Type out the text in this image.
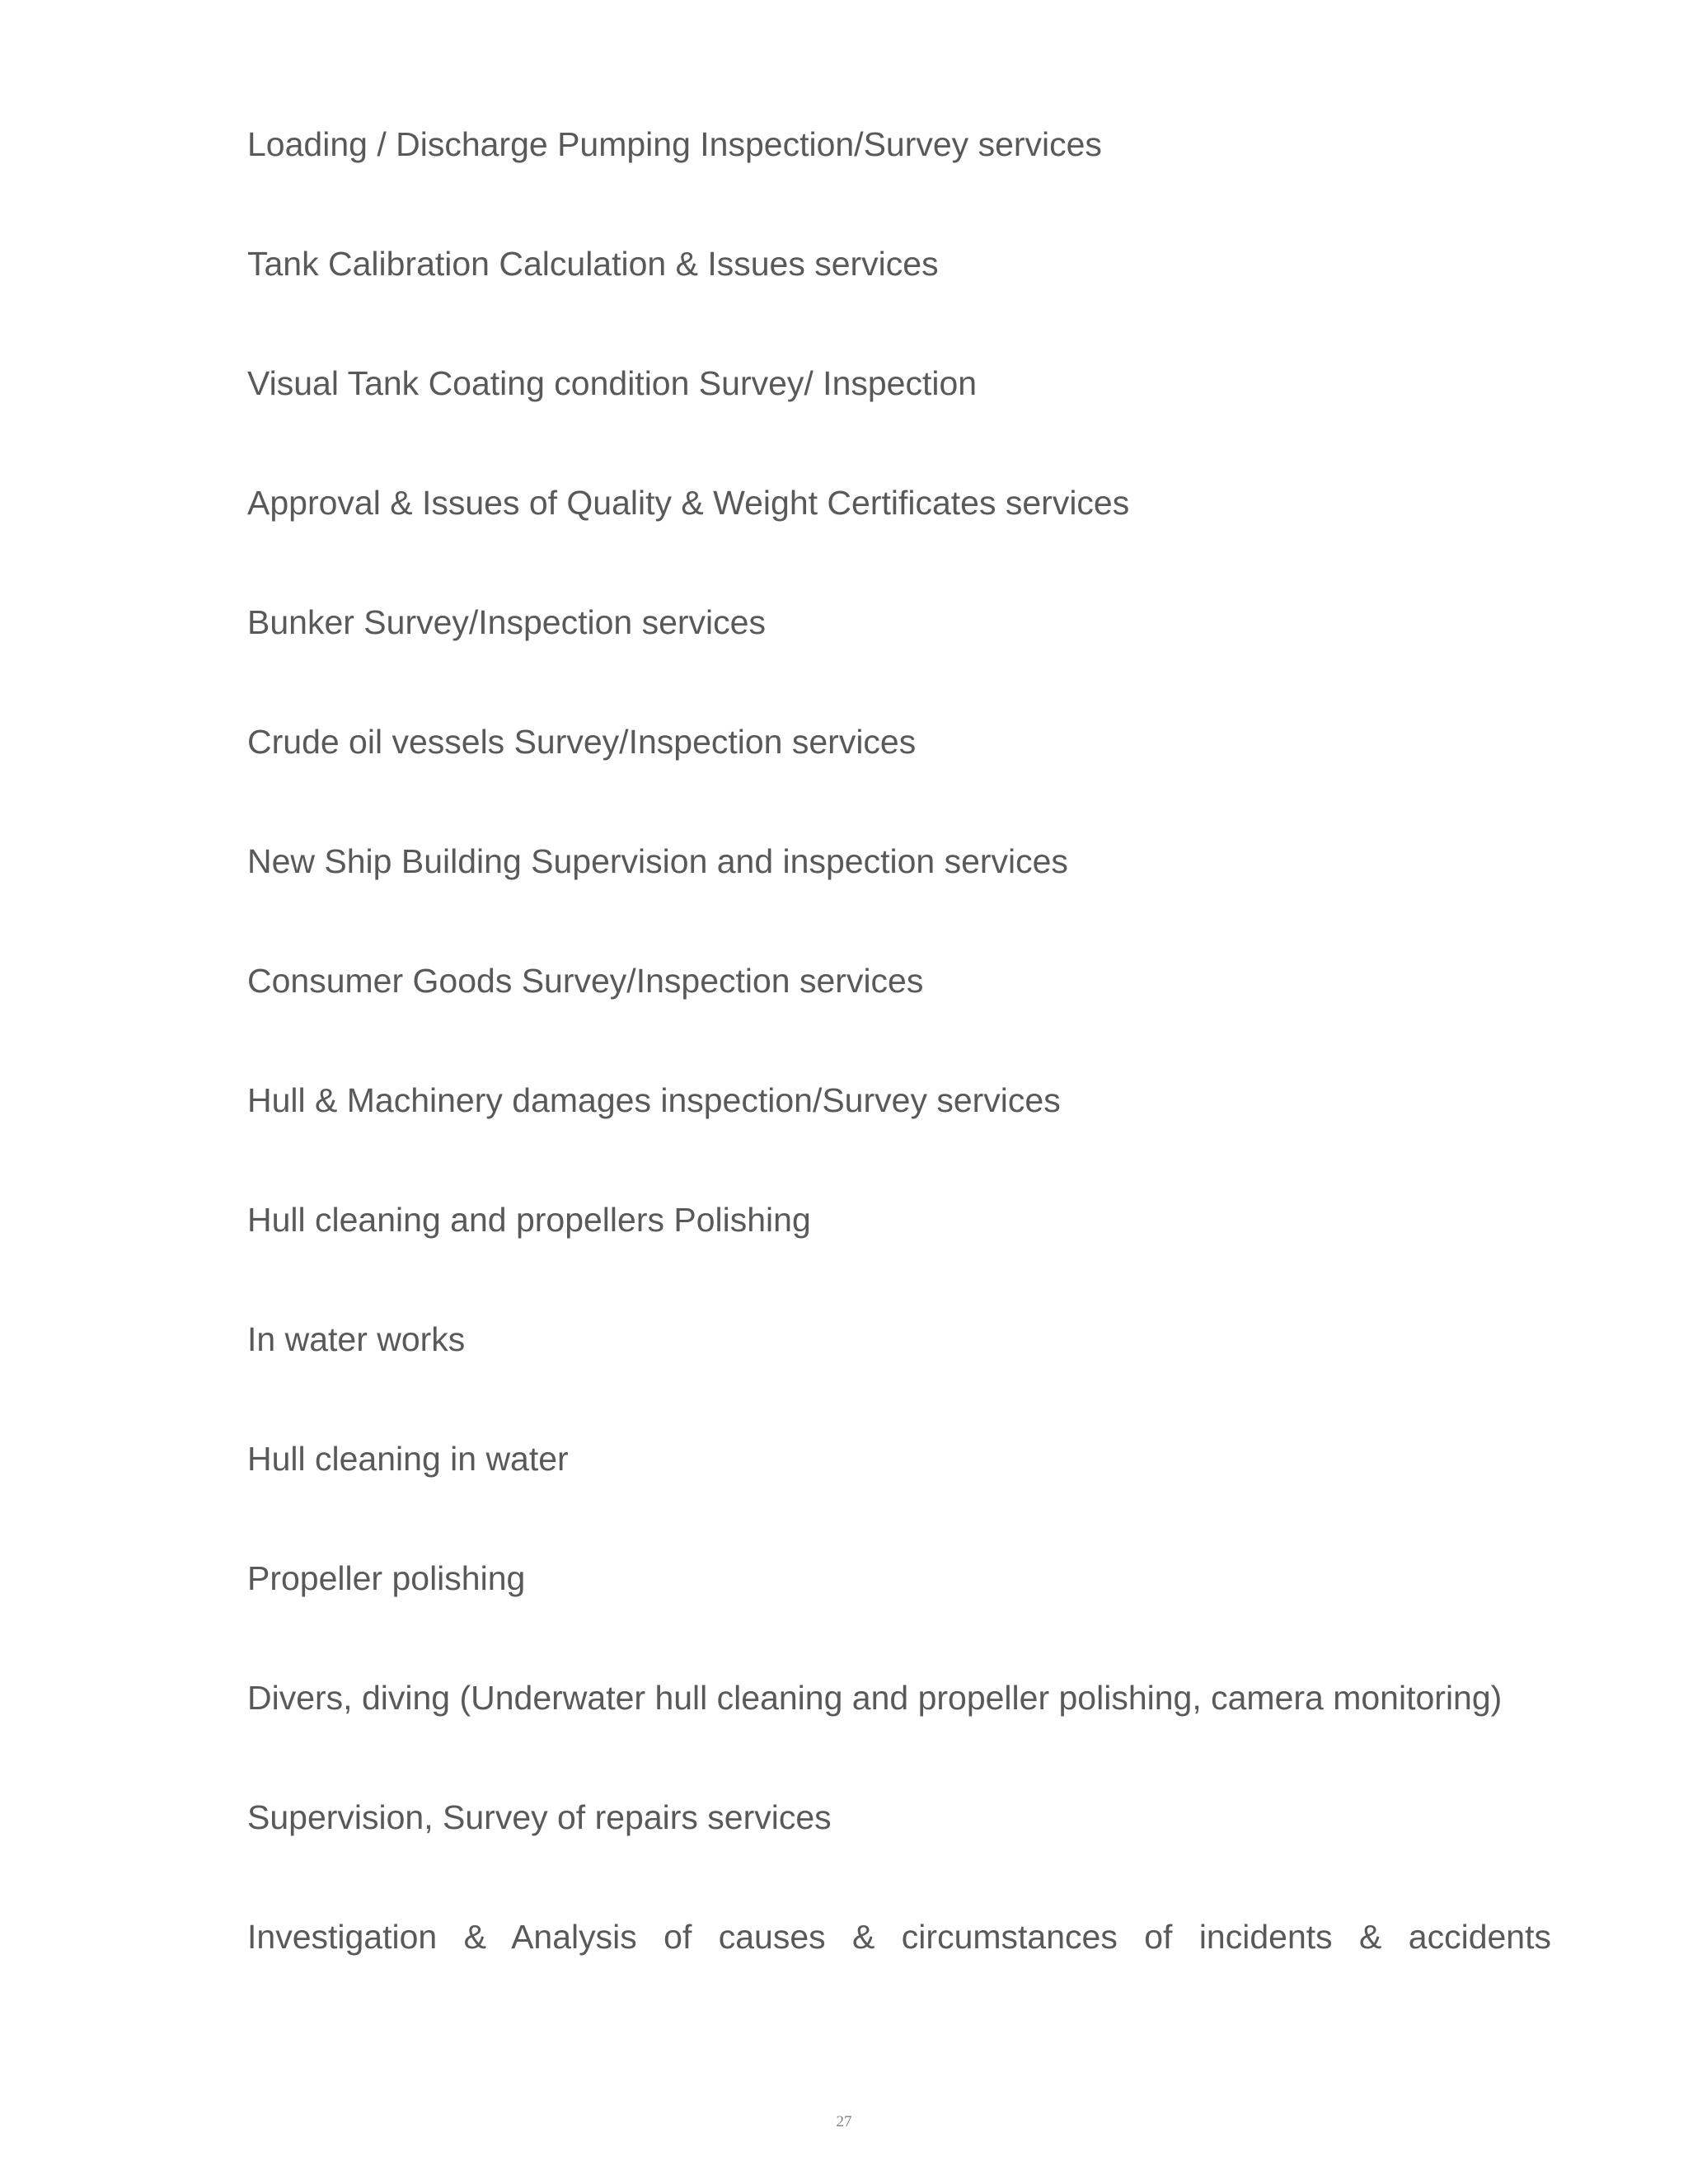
Loading / Discharge Pumping Inspection/Survey services
Tank Calibration Calculation & Issues services
Visual Tank Coating condition Survey/ Inspection
Approval & Issues of Quality & Weight Certificates services
Bunker Survey/Inspection services
Crude oil vessels Survey/Inspection services
New Ship Building Supervision and inspection services
Consumer Goods Survey/Inspection services
Hull & Machinery damages inspection/Survey services
Hull cleaning and propellers Polishing
In water works
Hull cleaning in water
Propeller polishing
Divers, diving (Underwater hull cleaning and propeller polishing, camera monitoring)
Supervision, Survey of repairs services
Investigation & Analysis of causes & circumstances of incidents & accidents
27
